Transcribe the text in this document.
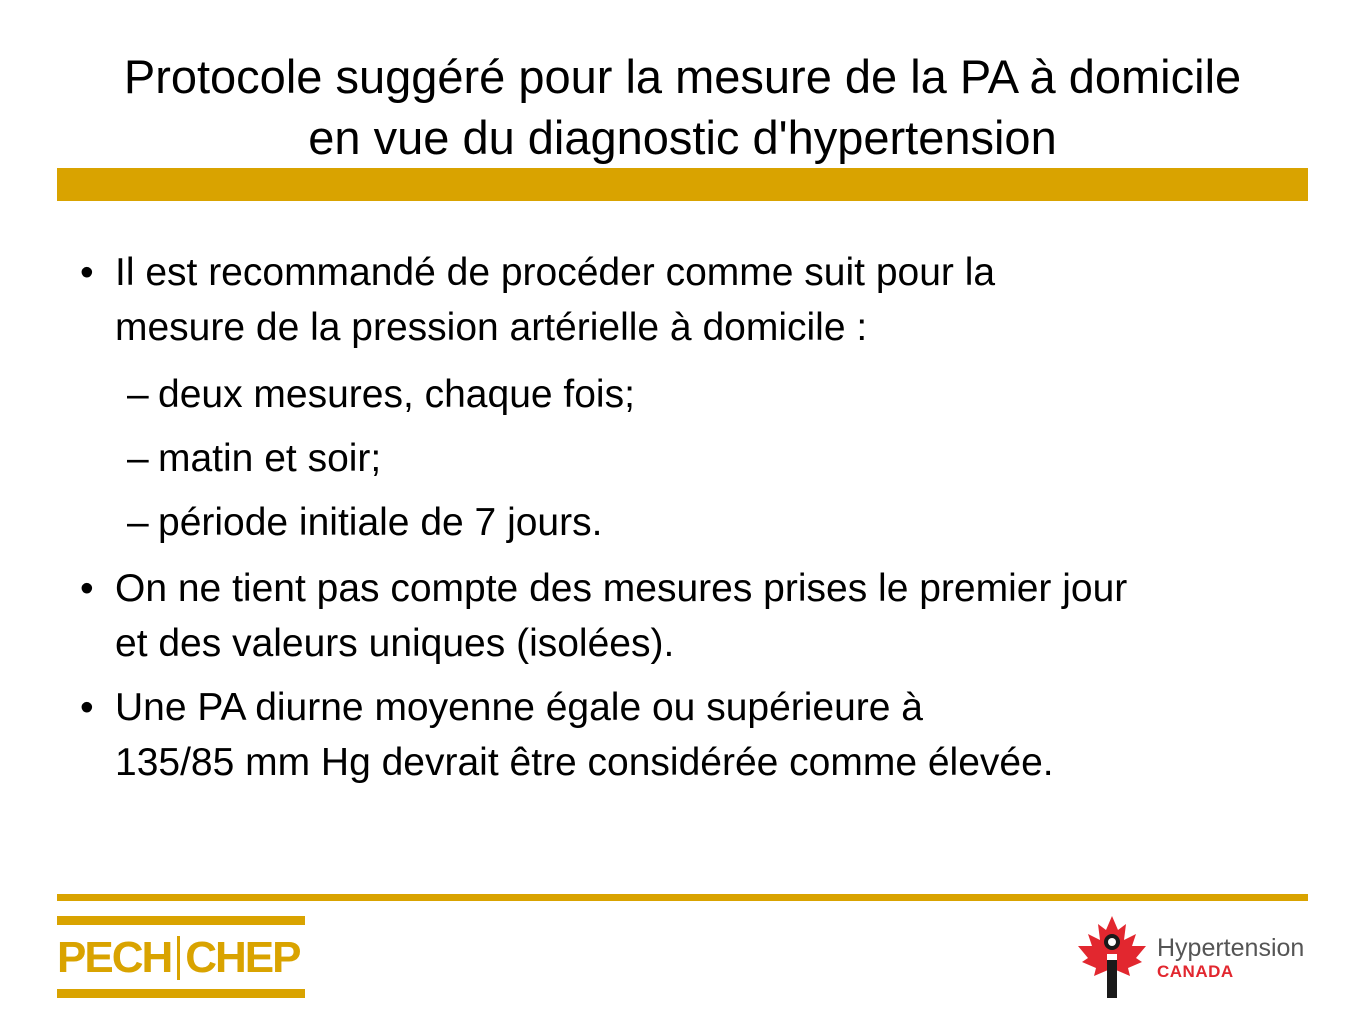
Protocole suggéré pour la mesure de la PA à domicile
en vue du diagnostic d'hypertension
• Il est recommandé de procéder comme suit pour la
mesure de la pression artérielle à domicile :
– deux mesures, chaque fois;
– matin et soir;
– période initiale de 7 jours.
• On ne tient pas compte des mesures prises le premier jour
et des valeurs uniques (isolées).
• Une PA diurne moyenne égale ou supérieure à
135/85 mm Hg devrait être considérée comme élevée.
PECH CHEP	Hypertension
CANADA
